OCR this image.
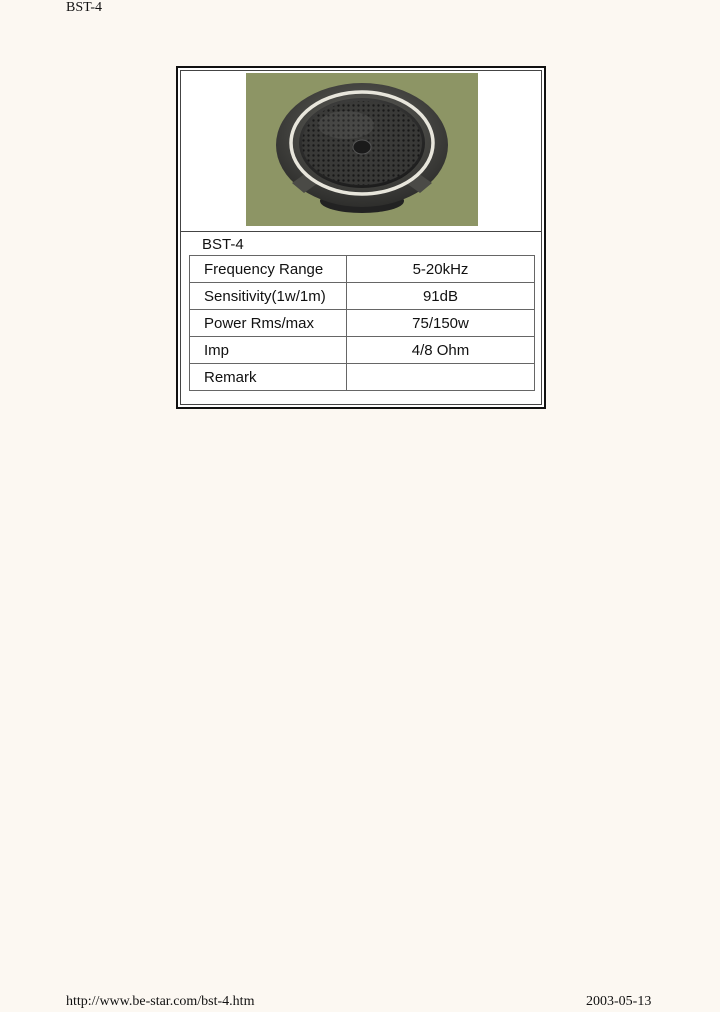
BST-4
BST-4
Frequency Range	5-20kHz
Sensitivity(1w/1m)	91dB
Power Rms/max	75/150w
Imp	4/8 Ohm
Remark	
http://www.be-star.com/bst-4.htm	2003-05-13
